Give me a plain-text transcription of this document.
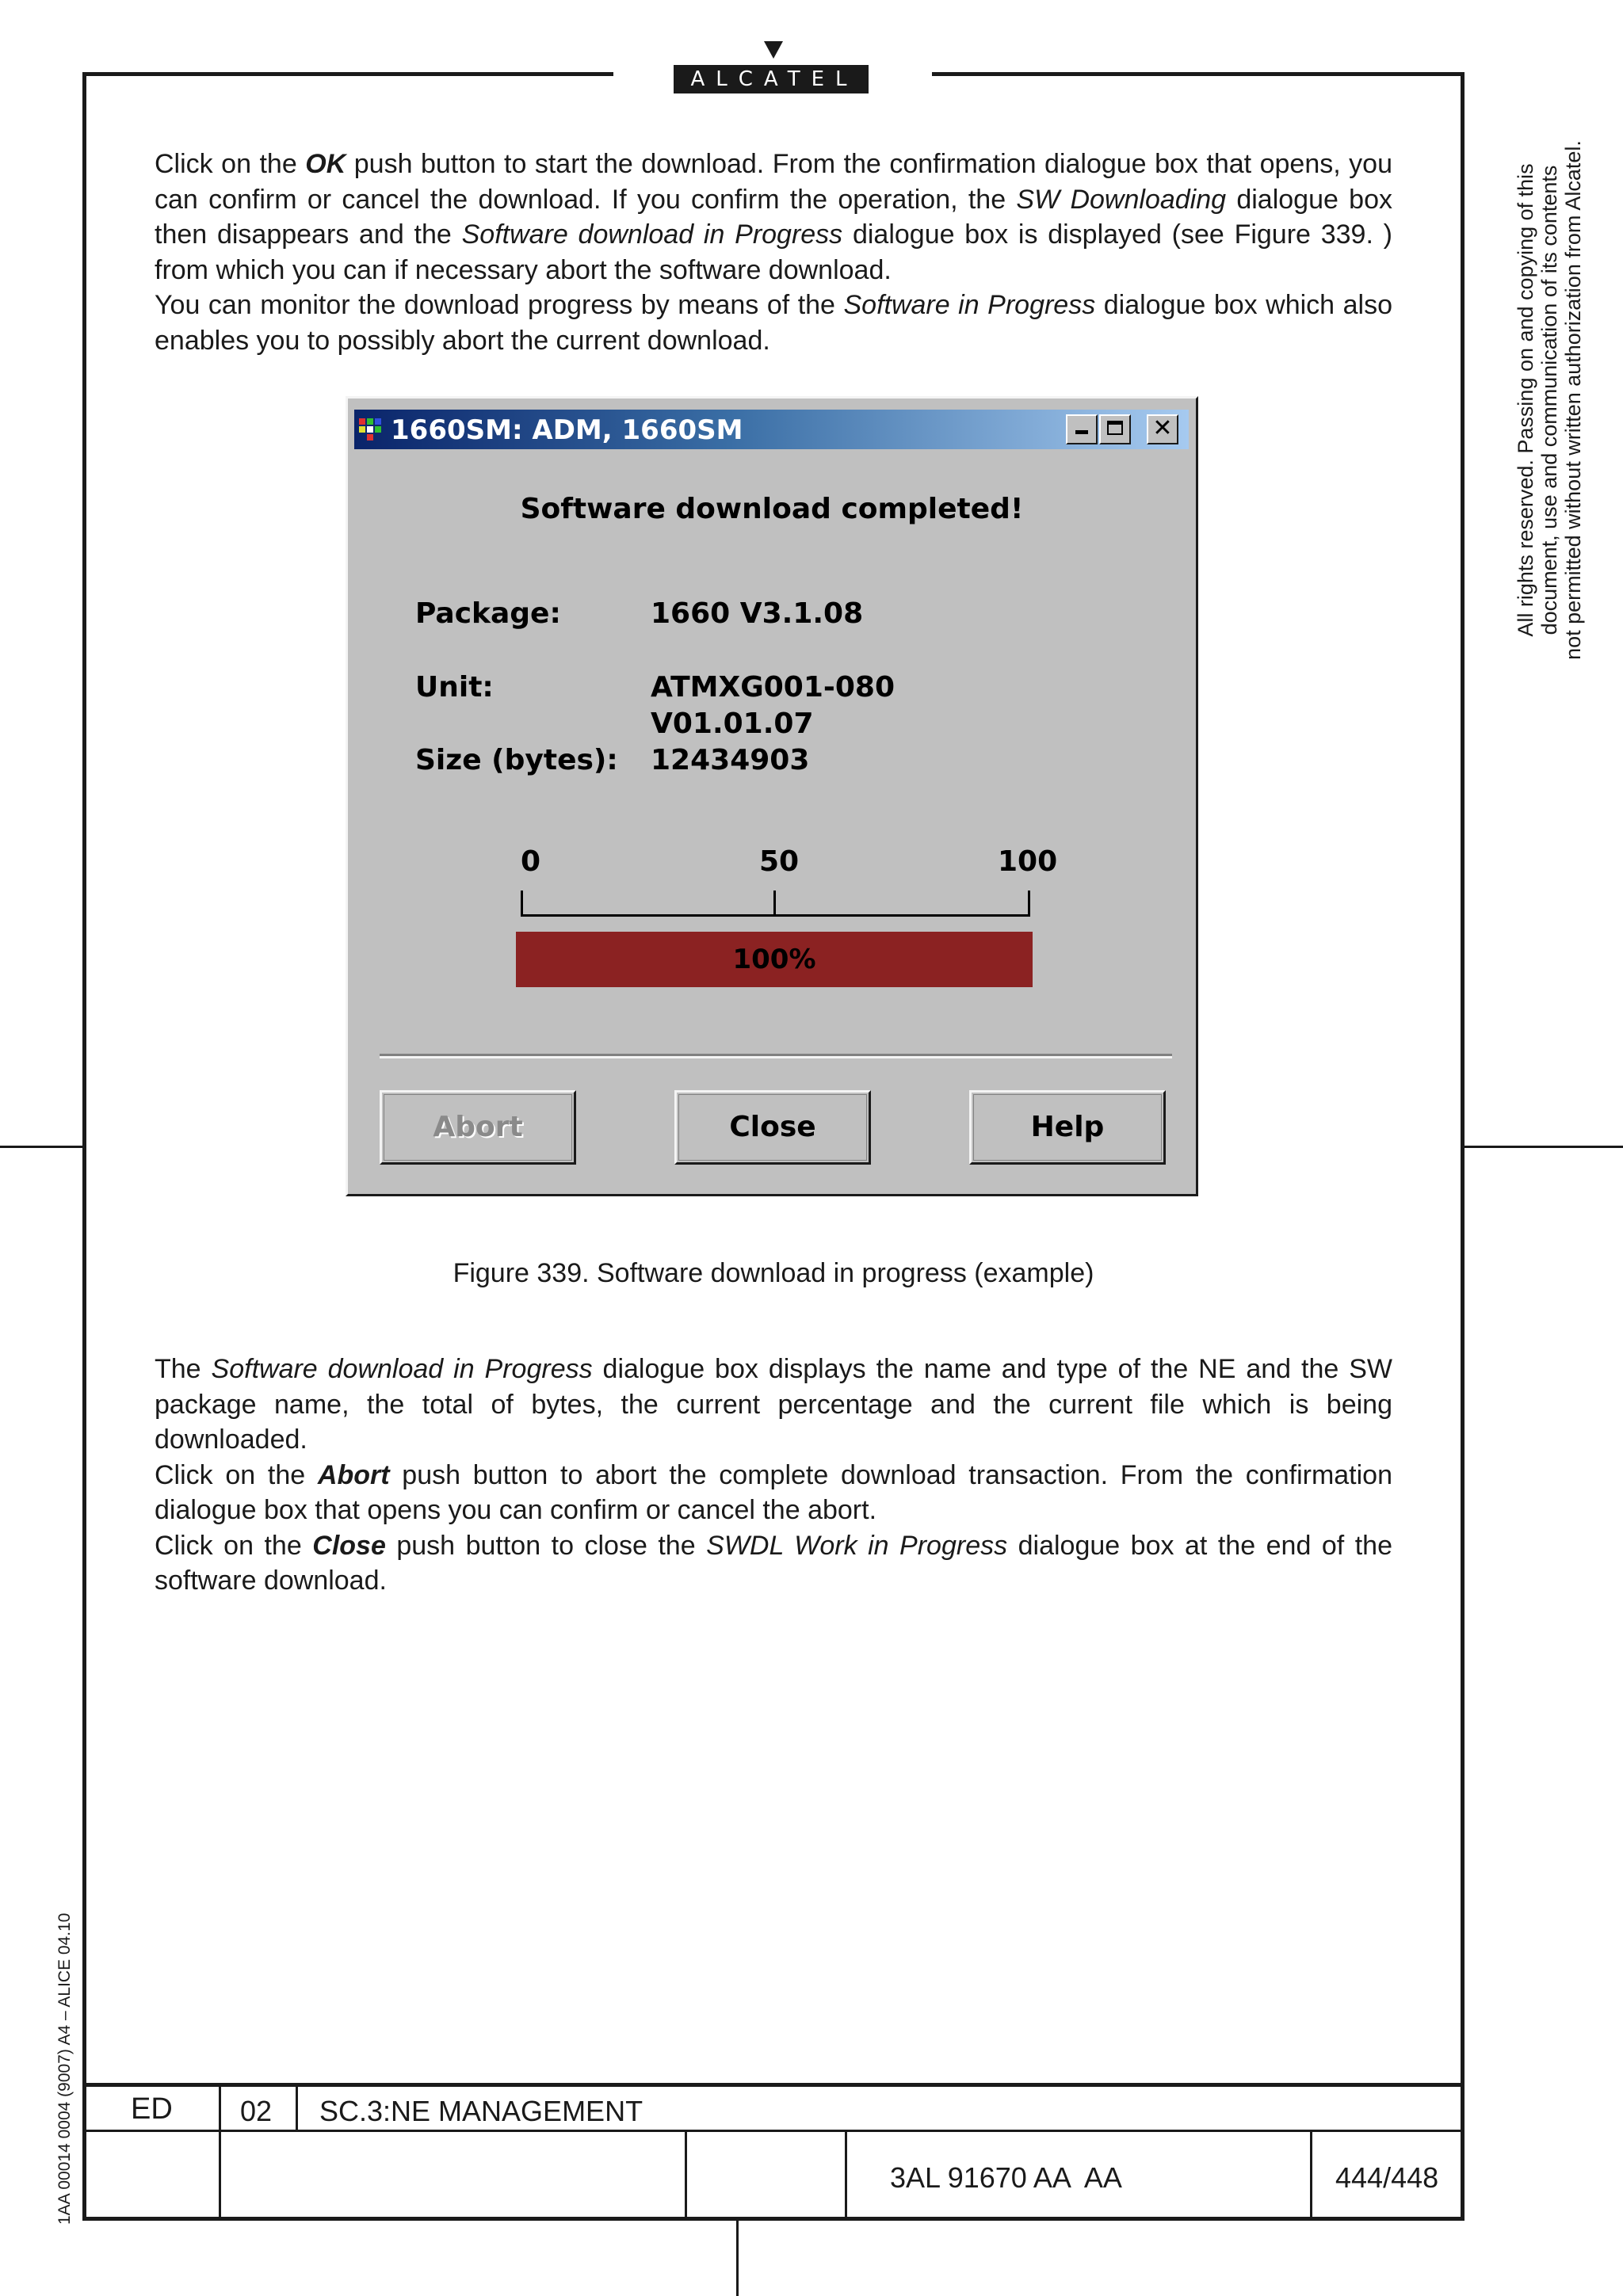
ALCATEL

Click on the OK push button to start the download. From the confirmation dialogue box that opens, you can confirm or cancel the download. If you confirm the operation, the SW Downloading dialogue box then disappears and the Software download in Progress dialogue box is displayed (see Figure 339. ) from which you can if necessary abort the software download.

You can monitor the download progress by means of the Software in Progress dialogue box which also enables you to possibly abort the current download.

1660SM: ADM, 1660SM	✕
Software download completed!
Package:	1660 V3.1.08
Unit:	ATMXG001-080
V01.01.07
Size (bytes): 12434903
0	50	100
100%
Abort	Close	Help
Figure 339. Software download in progress (example)

The Software download in Progress dialogue box displays the name and type of the NE and the SW package name, the total of bytes, the current percentage and the current file which is being downloaded.

Click on the Abort push button to abort the complete download transaction. From the confirmation dialogue box that opens you can confirm or cancel the abort.

Click on the Close push button to close the SWDL Work in Progress dialogue box at the end of the software download.

All rights reserved. Passing on and copying of this document, use and communication of its contents not permitted without written authorization from Alcatel.
1AA 00014 0004 (9007) A4 – ALICE 04.10 ED 02 SC.3:NE MANAGEMENT
3AL 91670 AA  AA	444/448
